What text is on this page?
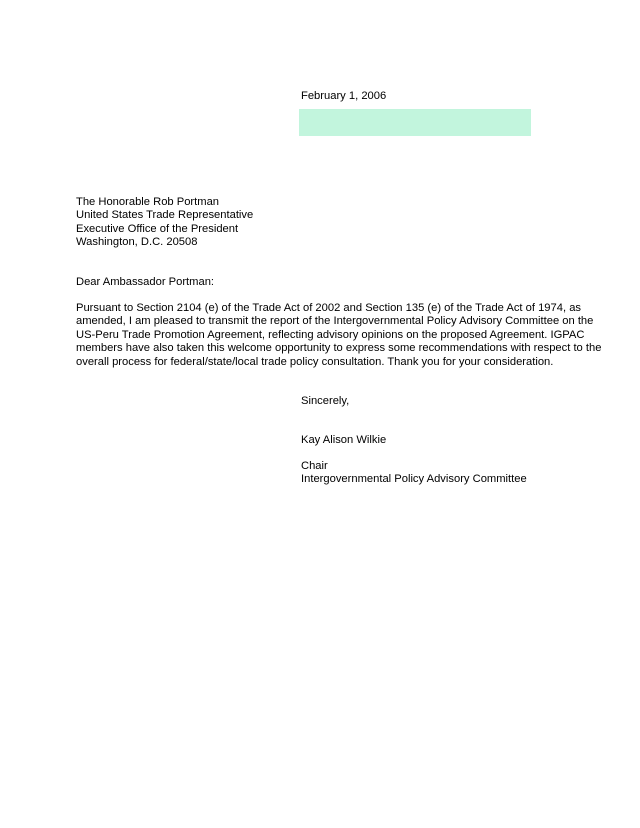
February 1, 2006
The Honorable Rob Portman
United States Trade Representative
Executive Office of the President
Washington, D.C. 20508
Dear Ambassador Portman:
Pursuant to Section 2104 (e) of the Trade Act of 2002 and Section 135 (e) of the Trade Act of 1974, as
amended, I am pleased to transmit the report of the Intergovernmental Policy Advisory Committee on the
US-Peru Trade Promotion Agreement, reflecting advisory opinions on the proposed Agreement. IGPAC
members have also taken this welcome opportunity to express some recommendations with respect to the
overall process for federal/state/local trade policy consultation. Thank you for your consideration.
Sincerely,
Kay Alison Wilkie
Chair
Intergovernmental Policy Advisory Committee
